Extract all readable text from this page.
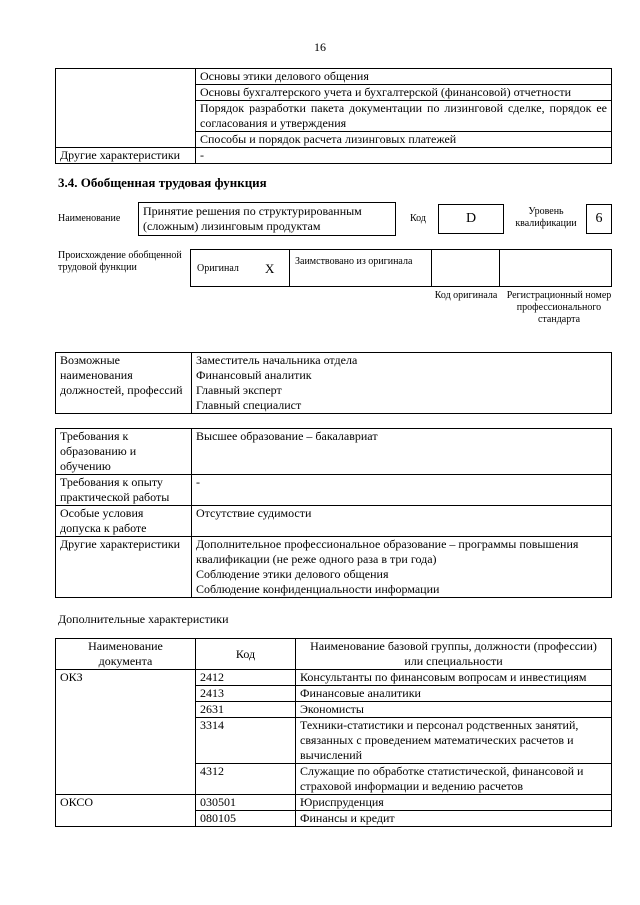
16
	Основы этики делового общения
	Основы бухгалтерского учета и бухгалтерской (финансовой) отчетности
	Порядок разработки пакета документации по лизинговой сделке, порядок ее согласования и утверждения
	Способы и порядок расчета лизинговых платежей
Другие характеристики	-
3.4. Обобщенная трудовая функция
Наименование
Принятие решения по структурированным (сложным) лизинговым продуктам
Код	D	Уровень квалификации	6
Происхождение обобщенной трудовой функции	Оригинал X Заимствовано из оригинала
Код оригинала Регистрационный номер профессионального стандарта
Возможные наименования должностей, профессий	
Заместитель начальника отдела
Финансовый аналитик
Главный эксперт
Главный специалист
Требования к образованию и обучению	Высшее образование – бакалавриат
Требования к опыту практической работы	-
Особые условия допуска к работе	Отсутствие судимости
Другие характеристики	Дополнительное профессиональное образование – программы повышения квалификации (не реже одного раза в три года)
Соблюдение этики делового общения
Соблюдение конфиденциальности информации
Дополнительные характеристики
Наименование документа	Код	Наименование базовой группы, должности (профессии) или специальности
ОКЗ	2412	Консультанты по финансовым вопросам и инвестициям
	2413	Финансовые аналитики
	2631	Экономисты
	3314	Техники-статистики и персонал родственных занятий, связанных с проведением математических расчетов и вычислений
	4312	Служащие по обработке статистической, финансовой и страховой информации и ведению расчетов
ОКСО	030501	Юриспруденция
	080105	Финансы и кредит
